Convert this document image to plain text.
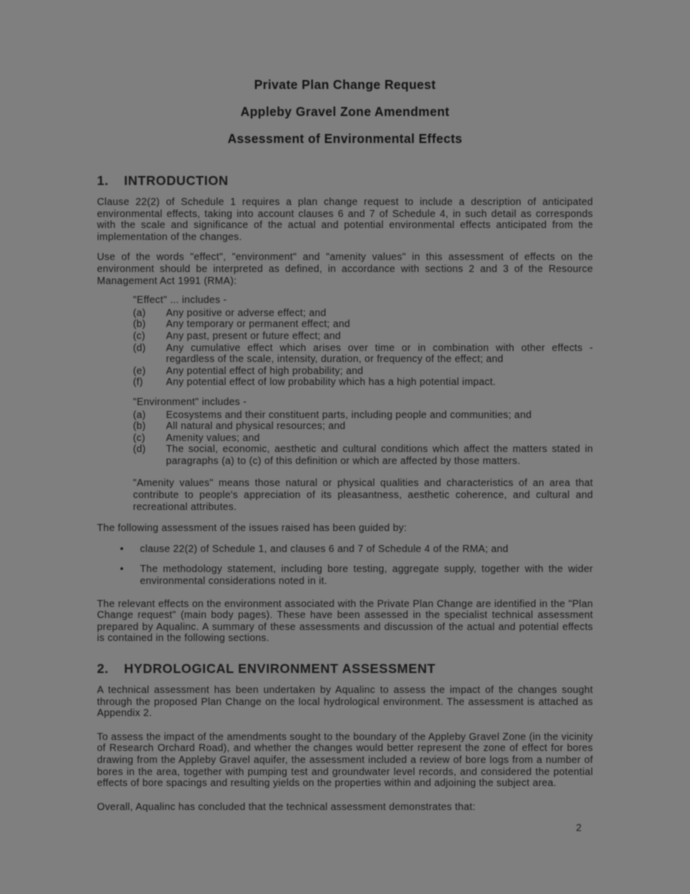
Private Plan Change Request
Appleby Gravel Zone Amendment
Assessment of Environmental Effects
1. INTRODUCTION

Clause 22(2) of Schedule 1 requires a plan change request to include a description of anticipated environmental effects, taking into account clauses 6 and 7 of Schedule 4, in such detail as corresponds with the scale and significance of the actual and potential environmental effects anticipated from the implementation of the changes.

Use of the words "effect", "environment" and "amenity values" in this assessment of effects on the environment should be interpreted as defined, in accordance with sections 2 and 3 of the Resource Management Act 1991 (RMA):

"Effect" ... includes -
(a)	Any positive or adverse effect; and
(b)	Any temporary or permanent effect; and
(c)	Any past, present or future effect; and
(d)	Any cumulative effect which arises over time or in combination with other effects - regardless of the scale, intensity, duration, or frequency of the effect; and
(e)	Any potential effect of high probability; and
(f)	Any potential effect of low probability which has a high potential impact.
"Environment" includes -
(a)	Ecosystems and their constituent parts, including people and communities; and
(b)	All natural and physical resources; and
(c)	Amenity values; and
(d)	The social, economic, aesthetic and cultural conditions which affect the matters stated in paragraphs (a) to (c) of this definition or which are affected by those matters.

"Amenity values" means those natural or physical qualities and characteristics of an area that contribute to people's appreciation of its pleasantness, aesthetic coherence, and cultural and recreational attributes.

The following assessment of the issues raised has been guided by:

•	clause 22(2) of Schedule 1, and clauses 6 and 7 of Schedule 4 of the RMA; and
•	The methodology statement, including bore testing, aggregate supply, together with the wider environmental considerations noted in it.

The relevant effects on the environment associated with the Private Plan Change are identified in the "Plan Change request" (main body pages). These have been assessed in the specialist technical assessment prepared by Aqualinc. A summary of these assessments and discussion of the actual and potential effects is contained in the following sections.

2. HYDROLOGICAL ENVIRONMENT ASSESSMENT

A technical assessment has been undertaken by Aqualinc to assess the impact of the changes sought through the proposed Plan Change on the local hydrological environment. The assessment is attached as Appendix 2.

To assess the impact of the amendments sought to the boundary of the Appleby Gravel Zone (in the vicinity of Research Orchard Road), and whether the changes would better represent the zone of effect for bores drawing from the Appleby Gravel aquifer, the assessment included a review of bore logs from a number of bores in the area, together with pumping test and groundwater level records, and considered the potential effects of bore spacings and resulting yields on the properties within and adjoining the subject area.

Overall, Aqualinc has concluded that the technical assessment demonstrates that:

2
